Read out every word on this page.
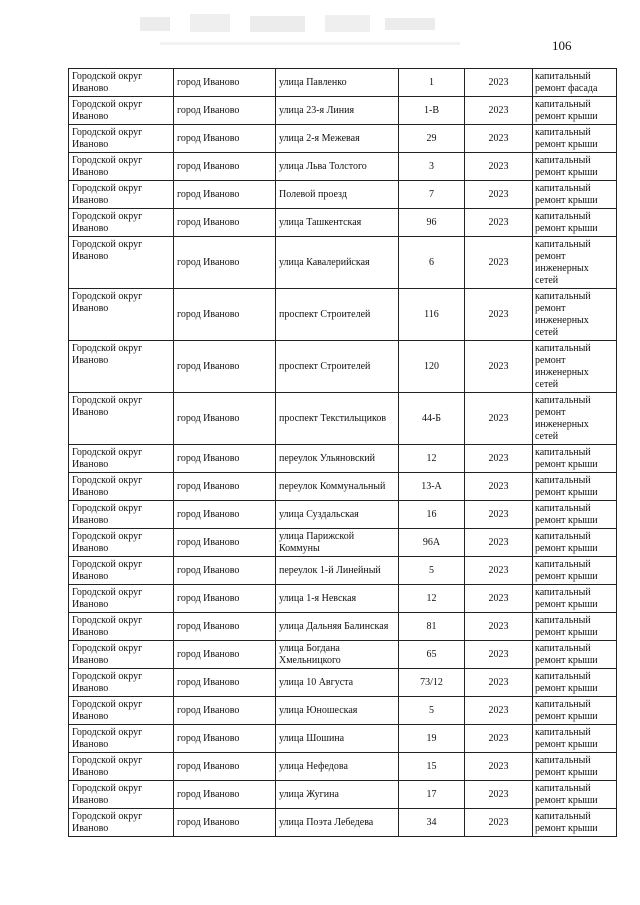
106
Городской округ Иваново	город Иваново	улица Павленко	1	2023	капитальный ремонт фасада
Городской округ Иваново	город Иваново	улица 23-я Линия	1-В	2023	капитальный ремонт крыши
Городской округ Иваново	город Иваново	улица 2-я Межевая	29	2023	капитальный ремонт крыши
Городской округ Иваново	город Иваново	улица Льва Толстого	3	2023	капитальный ремонт крыши
Городской округ Иваново	город Иваново	Полевой проезд	7	2023	капитальный ремонт крыши
Городской округ Иваново	город Иваново	улица Ташкентская	96	2023	капитальный ремонт крыши
Городской округ Иваново	город Иваново	улица Кавалерийская	6	2023	капитальный ремонт инженерных сетей
Городской округ Иваново	город Иваново	проспект Строителей	116	2023	капитальный ремонт инженерных сетей
Городской округ Иваново	город Иваново	проспект Строителей	120	2023	капитальный ремонт инженерных сетей
Городской округ Иваново	город Иваново	проспект Текстильщиков	44-Б	2023	капитальный ремонт инженерных сетей
Городской округ Иваново	город Иваново	переулок Ульяновский	12	2023	капитальный ремонт крыши
Городской округ Иваново	город Иваново	переулок Коммунальный	13-А	2023	капитальный ремонт крыши
Городской округ Иваново	город Иваново	улица Суздальская	16	2023	капитальный ремонт крыши
Городской округ Иваново	город Иваново	улица Парижской Коммуны	96А	2023	капитальный ремонт крыши
Городской округ Иваново	город Иваново	переулок 1-й Линейный	5	2023	капитальный ремонт крыши
Городской округ Иваново	город Иваново	улица 1-я Невская	12	2023	капитальный ремонт крыши
Городской округ Иваново	город Иваново	улица Дальняя Балинская	81	2023	капитальный ремонт крыши
Городской округ Иваново	город Иваново	улица Богдана Хмельницкого	65	2023	капитальный ремонт крыши
Городской округ Иваново	город Иваново	улица 10 Августа	73/12	2023	капитальный ремонт крыши
Городской округ Иваново	город Иваново	улица Юношеская	5	2023	капитальный ремонт крыши
Городской округ Иваново	город Иваново	улица Шошина	19	2023	капитальный ремонт крыши
Городской округ Иваново	город Иваново	улица Нефедова	15	2023	капитальный ремонт крыши
Городской округ Иваново	город Иваново	улица Жугина	17	2023	капитальный ремонт крыши
Городской округ Иваново	город Иваново	улица Поэта Лебедева	34	2023	капитальный ремонт крыши
